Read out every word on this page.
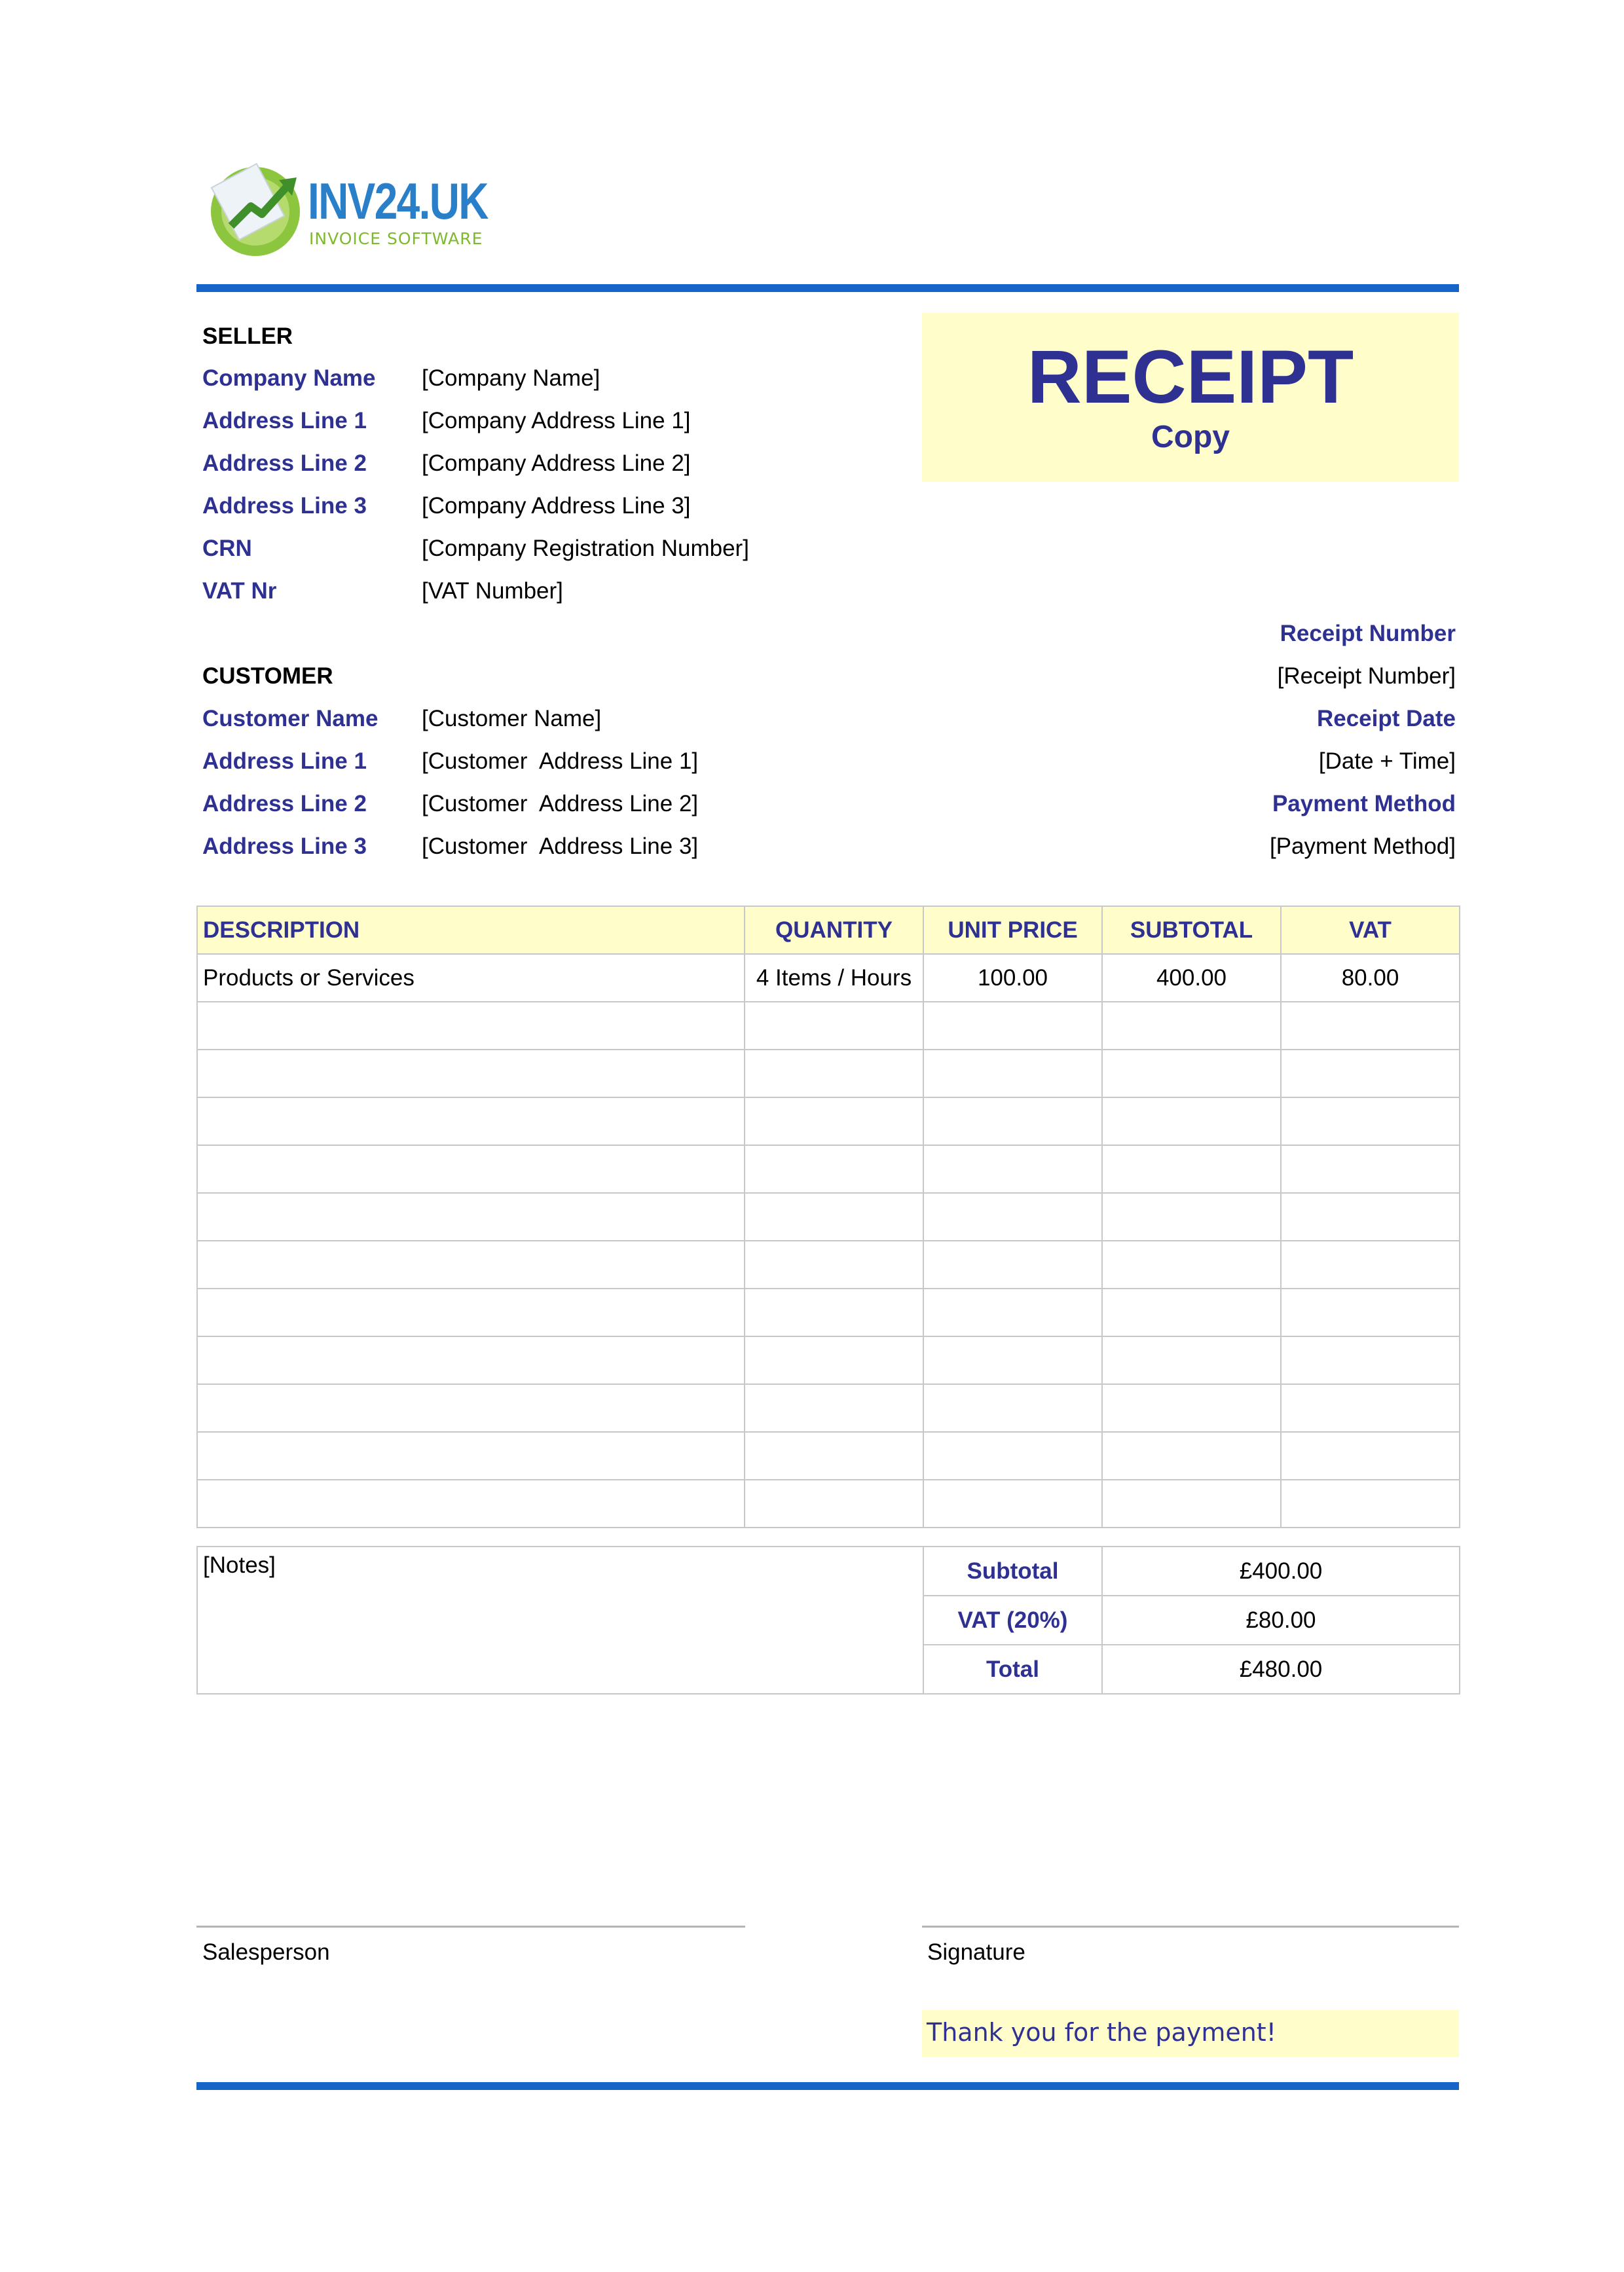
INV24.UK
INVOICE SOFTWARE
SELLER
Company Name [Company Name]
Address Line 1 [Company Address Line 1]
Address Line 2 [Company Address Line 2]
Address Line 3 [Company Address Line 3]
CRN	[Company Registration Number]
VAT Nr	[VAT Number]
CUSTOMER
Customer Name [Customer Name]
Address Line 1 [Customer  Address Line 1]
Address Line 2 [Customer  Address Line 2]
Address Line 3 [Customer  Address Line 3]
RECEIPT
Copy
Receipt Number
[Receipt Number]
Receipt Date
[Date + Time]
Payment Method
[Payment Method]
DESCRIPTION	QUANTITY	UNIT PRICE	SUBTOTAL	VAT
Products or Services	4 Items / Hours	100.00	400.00	80.00

[Notes]	Subtotal	£400.00
	VAT (20%)	£80.00
	Total	£480.00
Salesperson	Signature
Thank you for the payment!
